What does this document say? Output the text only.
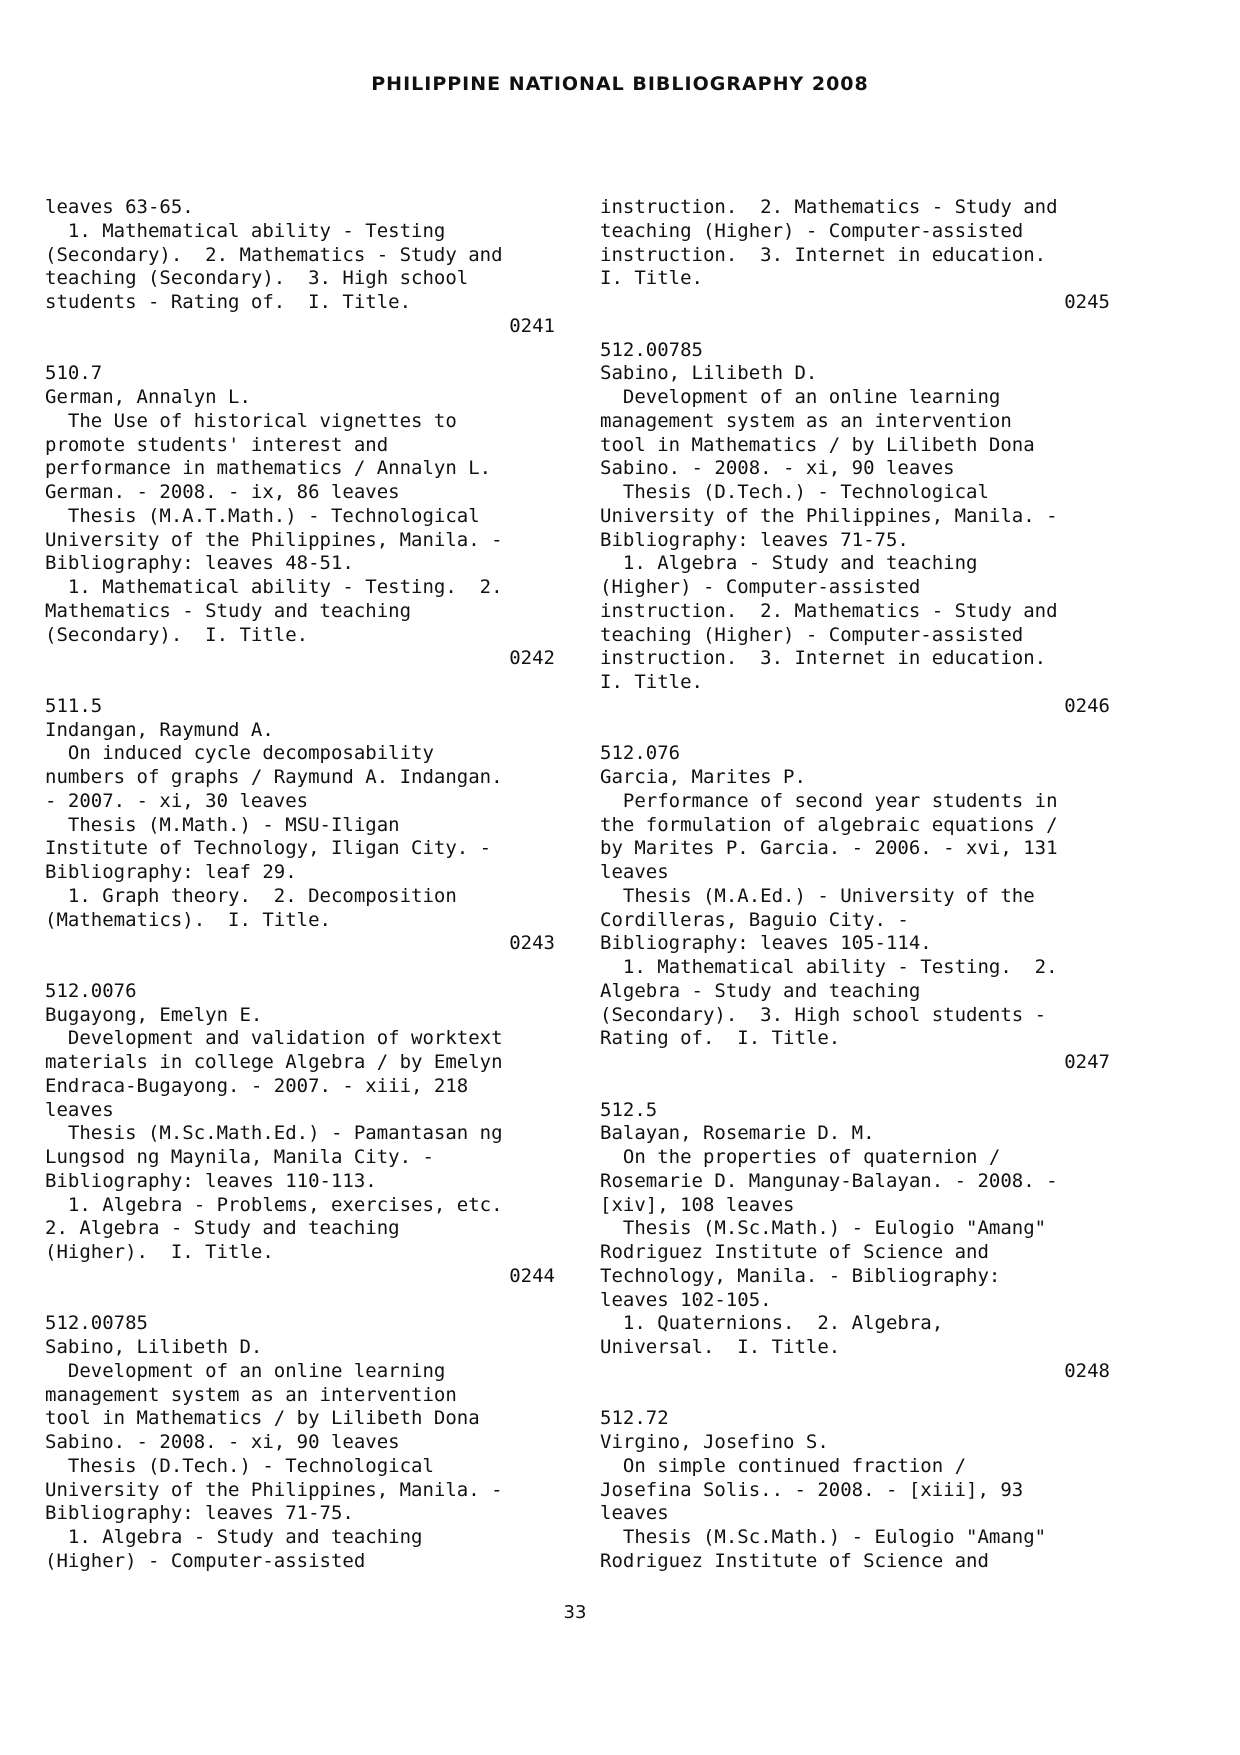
PHILIPPINE NATIONAL BIBLIOGRAPHY 2008
leaves 63-65.
1. Mathematical ability - Testing
(Secondary).  2. Mathematics - Study and
teaching (Secondary).  3. High school
students - Rating of.  I. Title.
0241
510.7
German, Annalyn L.
The Use of historical vignettes to
promote students' interest and
performance in mathematics / Annalyn L.
German. - 2008. - ix, 86 leaves
Thesis (M.A.T.Math.) - Technological
University of the Philippines, Manila. -
Bibliography: leaves 48-51.
1. Mathematical ability - Testing.  2.
Mathematics - Study and teaching
(Secondary).  I. Title.
0242
511.5
Indangan, Raymund A.
On induced cycle decomposability
numbers of graphs / Raymund A. Indangan.
- 2007. - xi, 30 leaves
Thesis (M.Math.) - MSU-Iligan
Institute of Technology, Iligan City. -
Bibliography: leaf 29.
1. Graph theory.  2. Decomposition
(Mathematics).  I. Title.
0243
512.0076
Bugayong, Emelyn E.
Development and validation of worktext
materials in college Algebra / by Emelyn
Endraca-Bugayong. - 2007. - xiii, 218
leaves
Thesis (M.Sc.Math.Ed.) - Pamantasan ng
Lungsod ng Maynila, Manila City. -
Bibliography: leaves 110-113.
1. Algebra - Problems, exercises, etc.
2. Algebra - Study and teaching
(Higher).  I. Title.
0244
512.00785
Sabino, Lilibeth D.
Development of an online learning
management system as an intervention
tool in Mathematics / by Lilibeth Dona
Sabino. - 2008. - xi, 90 leaves
Thesis (D.Tech.) - Technological
University of the Philippines, Manila. -
Bibliography: leaves 71-75.
1. Algebra - Study and teaching
(Higher) - Computer-assisted
instruction.  2. Mathematics - Study and
teaching (Higher) - Computer-assisted
instruction.  3. Internet in education.
I. Title.
0245
512.00785
Sabino, Lilibeth D.
Development of an online learning
management system as an intervention
tool in Mathematics / by Lilibeth Dona
Sabino. - 2008. - xi, 90 leaves
Thesis (D.Tech.) - Technological
University of the Philippines, Manila. -
Bibliography: leaves 71-75.
1. Algebra - Study and teaching
(Higher) - Computer-assisted
instruction.  2. Mathematics - Study and
teaching (Higher) - Computer-assisted
instruction.  3. Internet in education.
I. Title.
0246
512.076
Garcia, Marites P.
Performance of second year students in
the formulation of algebraic equations /
by Marites P. Garcia. - 2006. - xvi, 131
leaves
Thesis (M.A.Ed.) - University of the
Cordilleras, Baguio City. -
Bibliography: leaves 105-114.
1. Mathematical ability - Testing.  2.
Algebra - Study and teaching
(Secondary).  3. High school students -
Rating of.  I. Title.
0247
512.5
Balayan, Rosemarie D. M.
On the properties of quaternion /
Rosemarie D. Mangunay-Balayan. - 2008. -
[xiv], 108 leaves
Thesis (M.Sc.Math.) - Eulogio "Amang"
Rodriguez Institute of Science and
Technology, Manila. - Bibliography:
leaves 102-105.
1. Quaternions.  2. Algebra,
Universal.  I. Title.
0248
512.72
Virgino, Josefino S.
On simple continued fraction /
Josefina Solis.. - 2008. - [xiii], 93
leaves
Thesis (M.Sc.Math.) - Eulogio "Amang"
Rodriguez Institute of Science and
33
